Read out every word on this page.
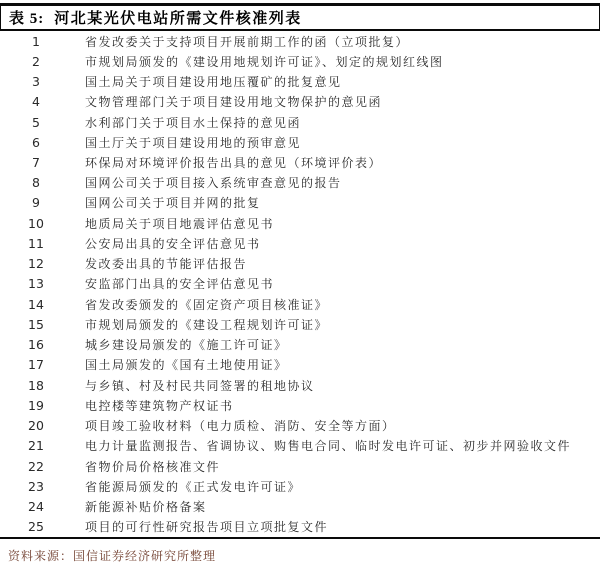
表 5: 河北某光伏电站所需文件核准列表
1	省发改委关于支持项目开展前期工作的函（立项批复）
2	市规划局颁发的《建设用地规划许可证》、划定的规划红线图
3	国土局关于项目建设用地压覆矿的批复意见
4	文物管理部门关于项目建设用地文物保护的意见函
5	水利部门关于项目水土保持的意见函
6	国土厅关于项目建设用地的预审意见
7	环保局对环境评价报告出具的意见（环境评价表）
8	国网公司关于项目接入系统审查意见的报告
9	国网公司关于项目并网的批复
10	地质局关于项目地震评估意见书
11	公安局出具的安全评估意见书
12	发改委出具的节能评估报告
13	安监部门出具的安全评估意见书
14	省发改委颁发的《固定资产项目核准证》
15	市规划局颁发的《建设工程规划许可证》
16	城乡建设局颁发的《施工许可证》
17	国土局颁发的《国有土地使用证》
18	与乡镇、村及村民共同签署的租地协议
19	电控楼等建筑物产权证书
20	项目竣工验收材料（电力质检、消防、安全等方面）
21	电力计量监测报告、省调协议、购售电合同、临时发电许可证、初步并网验收文件
22	省物价局价格核准文件
23	省能源局颁发的《正式发电许可证》
24	新能源补贴价格备案
25	项目的可行性研究报告项目立项批复文件
资料来源：国信证券经济研究所整理
